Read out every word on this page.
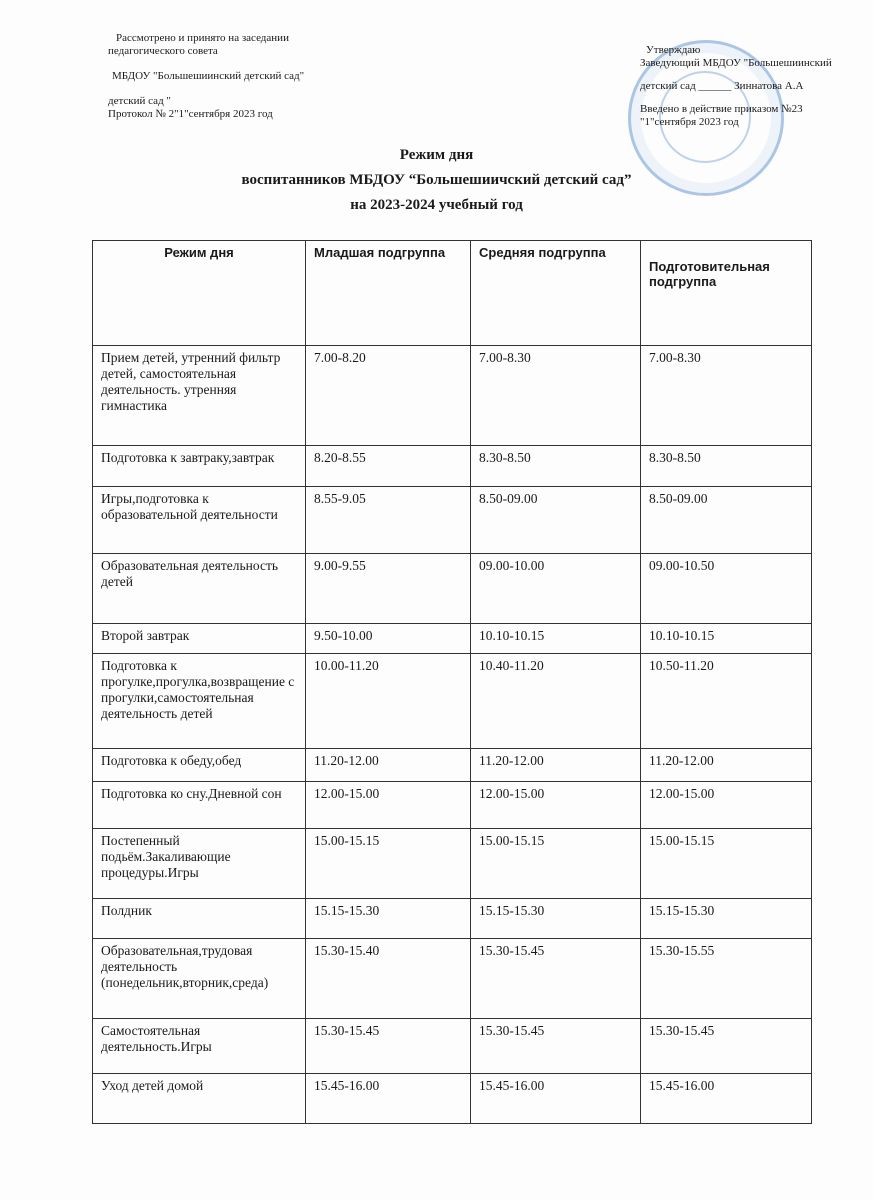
Рассмотрено и принято на заседании
педагогического совета
МБДОУ "Большешиинский детский сад"
детский сад "
Протокол № 2"1"сентября 2023 год
Утверждаю
Заведующий МБДОУ "Большешиинский
детский сад ______ Зиннатова А.А
Введено в действие приказом №23
"1"сентября 2023 год
Режим дня
воспитанников МБДОУ “Большешиичский детский сад”
на 2023-2024 учебный год
Режим дня	Младшая подгруппа	Средняя подгруппа	Подготовительная подгруппа
Прием детей, утренний фильтр детей, самостоятельная деятельность. утренняя гимнастика	7.00-8.20	7.00-8.30	7.00-8.30
Подготовка к завтраку,завтрак	8.20-8.55	8.30-8.50	8.30-8.50
Игры,подготовка к образовательной деятельности	8.55-9.05	8.50-09.00	8.50-09.00
Образовательная деятельность детей	9.00-9.55	09.00-10.00	09.00-10.50
Второй завтрак	9.50-10.00	10.10-10.15	10.10-10.15
Подготовка к прогулке,прогулка,возвращение с прогулки,самостоятельная деятельность детей	10.00-11.20	10.40-11.20	10.50-11.20
Подготовка к обеду,обед	11.20-12.00	11.20-12.00	11.20-12.00
Подготовка ко сну.Дневной сон	12.00-15.00	12.00-15.00	12.00-15.00
Постепенный подьём.Закаливающие процедуры.Игры	15.00-15.15	15.00-15.15	15.00-15.15
Полдник	15.15-15.30	15.15-15.30	15.15-15.30
Образовательная,трудовая деятельность (понедельник,вторник,среда)	15.30-15.40	15.30-15.45	15.30-15.55
Самостоятельная деятельность.Игры	15.30-15.45	15.30-15.45	15.30-15.45
Уход детей домой	15.45-16.00	15.45-16.00	15.45-16.00
